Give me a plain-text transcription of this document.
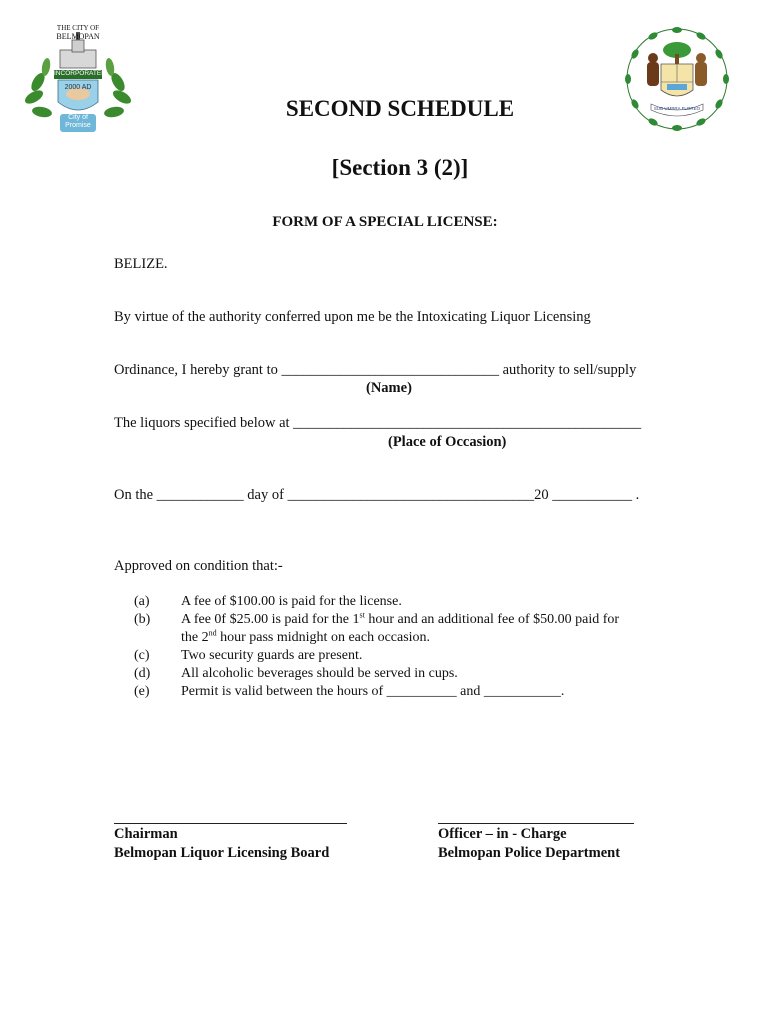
THE CITY OF
BELMOPAN
INCORPORATED
2000 AD
City of
Promise
SUB UMBRA FLOREO
SECOND SCHEDULE
[Section 3 (2)]
FORM OF A SPECIAL LICENSE:
BELIZE.
By virtue of the authority conferred upon me be the Intoxicating Liquor Licensing
Ordinance, I hereby grant to ______________________________ authority to sell/supply
(Name)
The liquors specified below at ________________________________________________
(Place of Occasion)
On the ____________ day of __________________________________20 ___________ .
Approved on condition that:-
(a) A fee of $100.00 is paid for the license.
(b) A fee 0f $25.00 is paid for the 1st hour and an additional fee of $50.00 paid for
the 2nd hour pass midnight on each occasion.
(c) Two security guards are present.
(d) All alcoholic beverages should be served in cups.
(e) Permit is valid between the hours of __________ and ___________.
Chairman
Belmopan Liquor Licensing Board
Officer – in - Charge
Belmopan Police Department
